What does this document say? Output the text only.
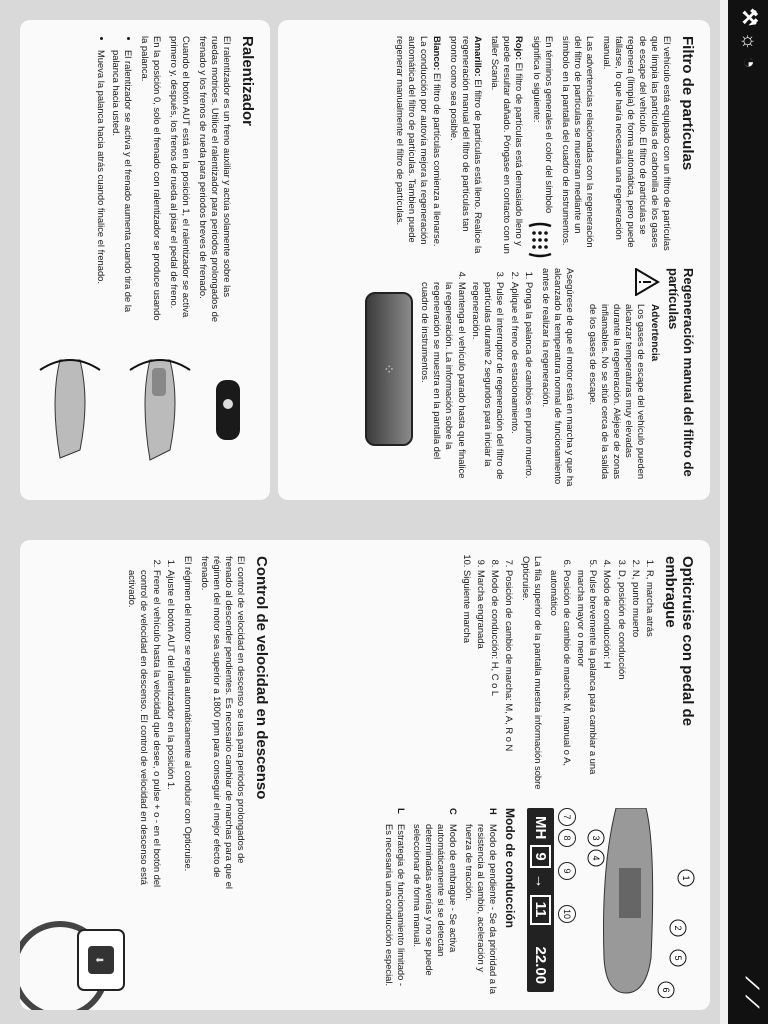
⚒☼◔
⟋⟋
Filtro de partículas

El vehículo está equipado con un filtro de partículas que limpia las partículas de carbonilla de los gases de escape del vehículo. El filtro de partículas se regenera (limpia) de forma automática, pero puede fallarse, lo que haría necesaria una regeneración manual.

Las advertencias relacionadas con la regeneración del filtro de partículas se muestran mediante un símbolo en la pantalla del cuadro de instrumentos.

En términos generales el color del símbolo significa lo siguiente:

Rojo: El filtro de partículas está demasiado lleno y puede resultar dañado. Póngase en contacto con un taller Scania.

Amarillo: El filtro de partículas está lleno. Realice la regeneración manual del filtro de partículas tan pronto como sea posible.

Blanco: El filtro de partículas comienza a llenarse. La conducción por autovía mejora la regeneración automática del filtro de partículas. Tambien puede regenerar manualmente el filtro de partículas.

Regeneración manual del filtro de partículas
Advertencia

Los gases de escape del vehículo pueden alcanzar temperaturas muy elevadas durante la regeneración. Aléjese de zonas inflamables. No se sitúe cerca de la salida de los gases de escape.

Asegúrese de que el motor está en marcha y que ha alcanzado la temperatura normal de funcionamiento antes de realizar la regeneración.

1. Ponga la palanca de cambios en punto muerto.
2. Aplique el freno de estacionamiento.
3. Pulse el interruptor de regeneración del filtro de partículas durante 2 segundos para iniciar la regeneración.
4. Mantenga el vehículo parado hasta que finalice la regeneración. La información sobre la regeneración se muestra en la pantalla del cuadro de instrumentos.
⁘
Ralentizador

El ralentizador es un freno auxiliar y actúa solamente sobre las ruedas motrices. Utilice el ralentizador para periodos prolongados de frenado y los frenos de rueda para periodos breves de frenado.

Cuando el botón AUT está en la posición 1, el ralentizador se activa primero y, después, los frenos de rueda al pisar el pedal de freno.

En la posición 0, solo el frenado con ralentizador se produce usando la palanca.

• El ralentizador se activa y el frenado aumenta cuando tira de la palanca hacia usted.
• Mueva la palanca hacia atrás cuando finalice el frenado.
Opticruise con pedal de embrague
1. R, marcha atrás
2. N, punto muerto
3. D, posición de conducción
4. Modo de conducción: H
5. Pulse brevemente la palanca para cambiar a una marcha mayor o menor
6. Posición de cambio de marcha: M, manual o A, automático

La fila superior de la pantalla muestra información sobre Opticruise.

7. Posición de cambio de marcha: M, A, R o N
8. Modo de conducción: H, C o L
9. Marcha engranada
10. Siguiente marcha
1
2
5
6
3
4
78910
MH
9
→
11
22.00
Modo de conducción
H
Modo de pendiente - Se da prioridad a la resistencia al cambio, aceleración y fuerza de tracción.
C
Modo de embrague - Se activa automáticamente si se detectan determinadas averías y no se puede seleccionar de forma manual.
L
Estrategia de funcionamiento limitado - Es necesaria una conducción especial.
Control de velocidad en descenso

El control de velocidad en descenso se usa para periodos prolongados de frenado al descender pendientes. Es necesario cambiar de marchas para que el régimen del motor sea superior a 1800 rpm para conseguir el mejor efecto de frenado.

El régimen del motor se regula automáticamente al conducir con Opticruise.

1. Ajuste el botón AUT del ralentizador en la posición 1.
2. Frene el vehículo hasta la velocidad que desee, o pulse + o - en el botón del control de velocidad en descenso. El control de velocidad en descenso está activado.
⬇
